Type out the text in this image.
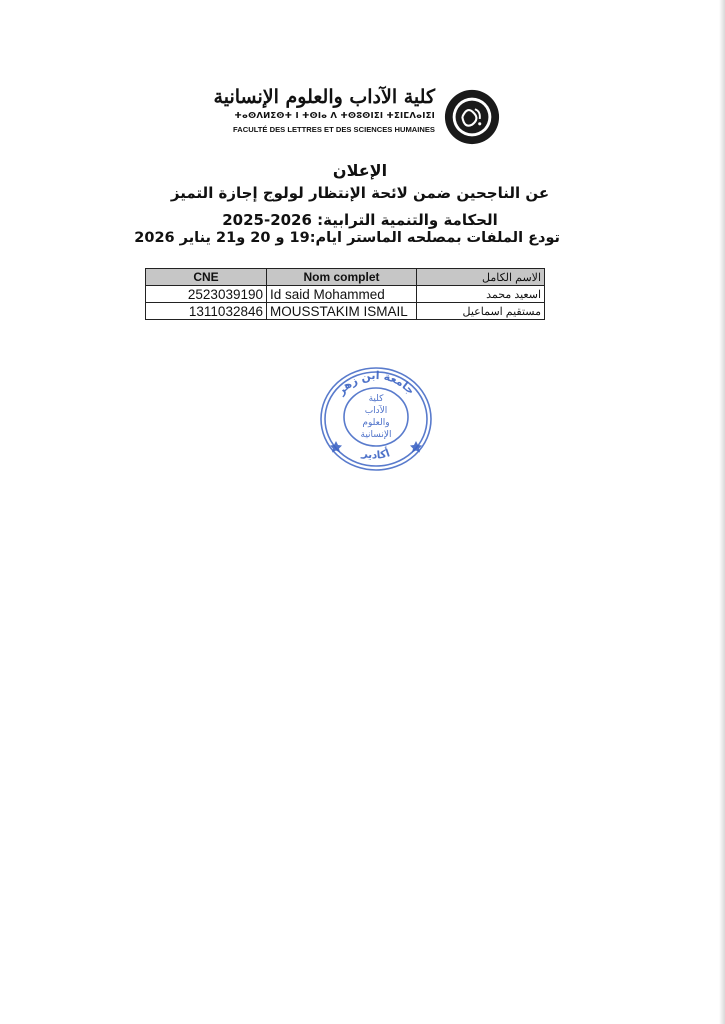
كلية الآداب والعلوم الإنسانية
ⵜⴰⵙⴷⵍⵉⵙⵜ ⵏ ⵜⵙⵏⴰ ⴷ ⵜⵙⵓⵙⵏⵉⵏ ⵜⵉⵏⵎⴷⴰⵏⵉⵏ
FACULTÉ DES LETTRES ET DES SCIENCES HUMAINES
الإعلان
عن الناجحين ضمن لائحة الإنتظار لولوج إجازة التميز
الحكامة والتنمية الترابية: 2026-2025
تودع الملفات بمصلحه الماستر ايام:19 و 20 و21 يناير 2026
CNE	Nom complet	الاسم الكامل
2523039190	Id said Mohammed	اسعيد محمد
1311032846	MOUSSTAKIM ISMAIL	مستقيم اسماعيل
جامعة ابن زهر
أكادير
كلية
الآداب
والعلوم
الإنسانية
